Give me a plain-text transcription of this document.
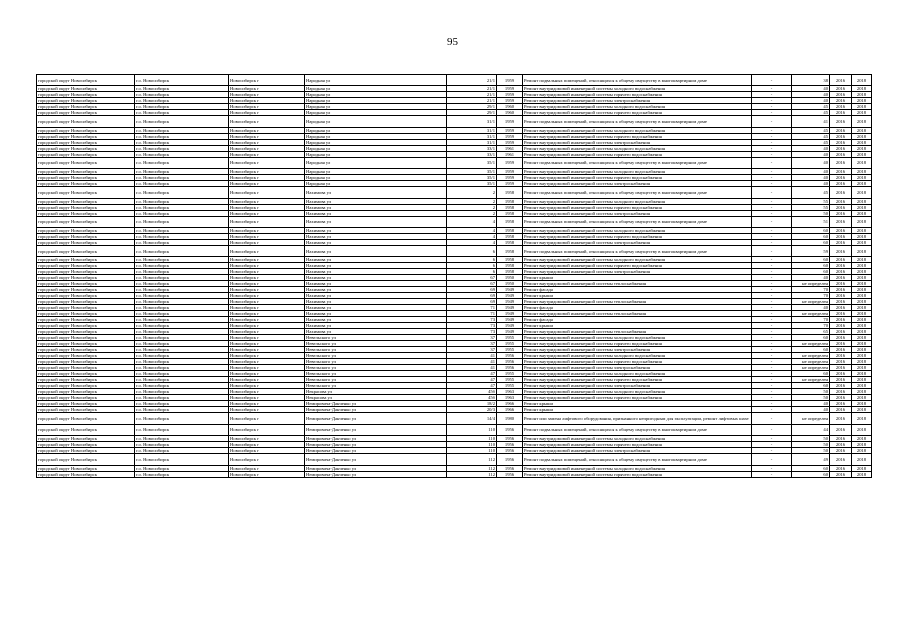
95
городской округ Новосибирск	г.о. Новосибирск	Новосибирск г	Народная ул	21/1	1959	Ремонт подвальных помещений, относящихся к общему имуществу в многоквартирном доме	-	38	2016	2018
городской округ Новосибирск	г.о. Новосибирск	Новосибирск г	Народная ул	21/1	1959	Ремонт внутридомовой инженерной системы холодного водоснабжения	-	40	2016	2018
городской округ Новосибирск	г.о. Новосибирск	Новосибирск г	Народная ул	21/1	1959	Ремонт внутридомовой инженерной системы горячего водоснабжения	-	40	2016	2018
городской округ Новосибирск	г.о. Новосибирск	Новосибирск г	Народная ул	21/1	1959	Ремонт внутридомовой инженерной системы электроснабжения	-	40	2016	2018
городской округ Новосибирск	г.о. Новосибирск	Новосибирск г	Народная ул	29/1	1960	Ремонт внутридомовой инженерной системы холодного водоснабжения	-	45	2016	2018
городской округ Новосибирск	г.о. Новосибирск	Новосибирск г	Народная ул	29/1	1960	Ремонт внутридомовой инженерной системы горячего водоснабжения	-	45	2016	2018
городской округ Новосибирск	г.о. Новосибирск	Новосибирск г	Народная ул	31/1	1959	Ремонт подвальных помещений, относящихся к общему имуществу в многоквартирном доме	-	41	2016	2018
городской округ Новосибирск	г.о. Новосибирск	Новосибирск г	Народная ул	31/1	1959	Ремонт внутридомовой инженерной системы холодного водоснабжения	-	45	2016	2018
городской округ Новосибирск	г.о. Новосибирск	Новосибирск г	Народная ул	31/1	1959	Ремонт внутридомовой инженерной системы горячего водоснабжения	-	45	2016	2018
городской округ Новосибирск	г.о. Новосибирск	Новосибирск г	Народная ул	31/1	1959	Ремонт внутридомовой инженерной системы электроснабжения	-	45	2016	2018
городской округ Новосибирск	г.о. Новосибирск	Новосибирск г	Народная ул	33/1	1961	Ремонт внутридомовой инженерной системы холодного водоснабжения	-	40	2016	2018
городской округ Новосибирск	г.о. Новосибирск	Новосибирск г	Народная ул	33/1	1961	Ремонт внутридомовой инженерной системы горячего водоснабжения	-	40	2016	2018
городской округ Новосибирск	г.о. Новосибирск	Новосибирск г	Народная ул	35/1	1959	Ремонт подвальных помещений, относящихся к общему имуществу в многоквартирном доме	-	40	2016	2018
городской округ Новосибирск	г.о. Новосибирск	Новосибирск г	Народная ул	35/1	1959	Ремонт внутридомовой инженерной системы холодного водоснабжения	-	40	2016	2018
городской округ Новосибирск	г.о. Новосибирск	Новосибирск г	Народная ул	35/1	1959	Ремонт внутридомовой инженерной системы горячего водоснабжения	-	40	2016	2018
городской округ Новосибирск	г.о. Новосибирск	Новосибирск г	Народная ул	35/1	1959	Ремонт внутридомовой инженерной системы электроснабжения	-	40	2016	2018
городской округ Новосибирск	г.о. Новосибирск	Новосибирск г	Нахимова ул	2	1958	Ремонт подвальных помещений, относящихся к общему имуществу в многоквартирном доме	-	45	2016	2018
городской округ Новосибирск	г.о. Новосибирск	Новосибирск г	Нахимова ул	2	1958	Ремонт внутридомовой инженерной системы холодного водоснабжения	-	55	2016	2018
городской округ Новосибирск	г.о. Новосибирск	Новосибирск г	Нахимова ул	2	1958	Ремонт внутридомовой инженерной системы горячего водоснабжения	-	55	2016	2018
городской округ Новосибирск	г.о. Новосибирск	Новосибирск г	Нахимова ул	2	1958	Ремонт внутридомовой инженерной системы электроснабжения	-	50	2016	2018
городской округ Новосибирск	г.о. Новосибирск	Новосибирск г	Нахимова ул	4	1958	Ремонт подвальных помещений, относящихся к общему имуществу в многоквартирном доме	-	51	2016	2018
городской округ Новосибирск	г.о. Новосибирск	Новосибирск г	Нахимова ул	4	1958	Ремонт внутридомовой инженерной системы холодного водоснабжения	-	60	2016	2018
городской округ Новосибирск	г.о. Новосибирск	Новосибирск г	Нахимова ул	4	1958	Ремонт внутридомовой инженерной системы горячего водоснабжения	-	60	2016	2018
городской округ Новосибирск	г.о. Новосибирск	Новосибирск г	Нахимова ул	4	1958	Ремонт внутридомовой инженерной системы электроснабжения	-	60	2016	2018
городской округ Новосибирск	г.о. Новосибирск	Новосибирск г	Нахимова ул	6	1958	Ремонт подвальных помещений, относящихся к общему имуществу в многоквартирном доме	-	59	2016	2018
городской округ Новосибирск	г.о. Новосибирск	Новосибирск г	Нахимова ул	6	1958	Ремонт внутридомовой инженерной системы холодного водоснабжения	-	60	2016	2018
городской округ Новосибирск	г.о. Новосибирск	Новосибирск г	Нахимова ул	6	1958	Ремонт внутридомовой инженерной системы горячего водоснабжения	-	60	2016	2018
городской округ Новосибирск	г.о. Новосибирск	Новосибирск г	Нахимова ул	6	1958	Ремонт внутридомовой инженерной системы электроснабжения	-	60	2016	2018
городской округ Новосибирск	г.о. Новосибирск	Новосибирск г	Нахимова ул	67	1950	Ремонт крыши	-	40	2016	2018
городской округ Новосибирск	г.о. Новосибирск	Новосибирск г	Нахимова ул	67	1950	Ремонт внутридомовой инженерной системы теплоснабжения	-	не определен	2016	2018
городской округ Новосибирск	г.о. Новосибирск	Новосибирск г	Нахимова ул	69	1949	Ремонт фасада	-	70	2016	2018
городской округ Новосибирск	г.о. Новосибирск	Новосибирск г	Нахимова ул	69	1949	Ремонт крыши	-	70	2016	2018
городской округ Новосибирск	г.о. Новосибирск	Новосибирск г	Нахимова ул	69	1949	Ремонт внутридомовой инженерной системы теплоснабжения	-	не определен	2016	2018
городской округ Новосибирск	г.о. Новосибирск	Новосибирск г	Нахимова ул	71	1949	Ремонт фасада	-	40	2016	2018
городской округ Новосибирск	г.о. Новосибирск	Новосибирск г	Нахимова ул	71	1949	Ремонт внутридомовой инженерной системы теплоснабжения	-	не определен	2016	2018
городской округ Новосибирск	г.о. Новосибирск	Новосибирск г	Нахимова ул	73	1949	Ремонт фасада	-	70	2016	2018
городской округ Новосибирск	г.о. Новосибирск	Новосибирск г	Нахимова ул	73	1949	Ремонт крыши	-	70	2016	2018
городской округ Новосибирск	г.о. Новосибирск	Новосибирск г	Нахимова ул	73	1949	Ремонт внутридомовой инженерной системы теплоснабжения	-	65	2016	2018
городской округ Новосибирск	г.о. Новосибирск	Новосибирск г	Невельского ул	37	1955	Ремонт внутридомовой инженерной системы холодного водоснабжения	-	60	2016	2018
городской округ Новосибирск	г.о. Новосибирск	Новосибирск г	Невельского ул	37	1955	Ремонт внутридомовой инженерной системы горячего водоснабжения	-	не определен	2016	2018
городской округ Новосибирск	г.о. Новосибирск	Новосибирск г	Невельского ул	37	1955	Ремонт внутридомовой инженерной системы электроснабжения	-	60	2016	2018
городской округ Новосибирск	г.о. Новосибирск	Новосибирск г	Невельского ул	41	1956	Ремонт внутридомовой инженерной системы холодного водоснабжения	-	не определен	2016	2018
городской округ Новосибирск	г.о. Новосибирск	Новосибирск г	Невельского ул	41	1956	Ремонт внутридомовой инженерной системы горячего водоснабжения	-	не определен	2016	2018
городской округ Новосибирск	г.о. Новосибирск	Новосибирск г	Невельского ул	41	1956	Ремонт внутридомовой инженерной системы электроснабжения	-	не определен	2016	2018
городской округ Новосибирск	г.о. Новосибирск	Новосибирск г	Невельского ул	47	1955	Ремонт внутридомовой инженерной системы холодного водоснабжения	-	60	2016	2018
городской округ Новосибирск	г.о. Новосибирск	Новосибирск г	Невельского ул	47	1955	Ремонт внутридомовой инженерной системы горячего водоснабжения	-	не определен	2016	2018
городской округ Новосибирск	г.о. Новосибирск	Новосибирск г	Невельского ул	47	1955	Ремонт внутридомовой инженерной системы электроснабжения	-	60	2016	2018
городской округ Новосибирск	г.о. Новосибирск	Новосибирск г	Некрасова ул	45б	1963	Ремонт внутридомовой инженерной системы холодного водоснабжения	-	50	2016	2018
городской округ Новосибирск	г.о. Новосибирск	Новосибирск г	Некрасова ул	45б	1963	Ремонт внутридомовой инженерной системы горячего водоснабжения	-	50	2016	2018
городской округ Новосибирск	г.о. Новосибирск	Новосибирск г	Немировича-Данченко ул	18/2	1966	Ремонт крыши	-	40	2016	2018
городской округ Новосибирск	г.о. Новосибирск	Новосибирск г	Немировича-Данченко ул	20/3	1966	Ремонт крыши	-	40	2016	2018
городской округ Новосибирск	г.о. Новосибирск	Новосибирск г	Немировича-Данченко ул	14/4	1980	Ремонт или замена лифтового оборудования, признанного непригодным для эксплуатации, ремонт лифтовых шахт	-	не определен	2016	2018
городской округ Новосибирск	г.о. Новосибирск	Новосибирск г	Немировича-Данченко ул	110	1956	Ремонт подвальных помещений, относящихся к общему имуществу в многоквартирном доме	-	44	2016	2018
городской округ Новосибирск	г.о. Новосибирск	Новосибирск г	Немировича-Данченко ул	110	1956	Ремонт внутридомовой инженерной системы холодного водоснабжения	-	50	2016	2018
городской округ Новосибирск	г.о. Новосибирск	Новосибирск г	Немировича-Данченко ул	110	1956	Ремонт внутридомовой инженерной системы горячего водоснабжения	-	50	2016	2018
городской округ Новосибирск	г.о. Новосибирск	Новосибирск г	Немировича-Данченко ул	110	1956	Ремонт внутридомовой инженерной системы электроснабжения	-	50	2016	2018
городской округ Новосибирск	г.о. Новосибирск	Новосибирск г	Немировича-Данченко ул	112	1956	Ремонт подвальных помещений, относящихся к общему имуществу в многоквартирном доме	-	49	2016	2018
городской округ Новосибирск	г.о. Новосибирск	Новосибирск г	Немировича-Данченко ул	112	1956	Ремонт внутридомовой инженерной системы холодного водоснабжения	-	60	2016	2018
городской округ Новосибирск	г.о. Новосибирск	Новосибирск г	Немировича-Данченко ул	112	1956	Ремонт внутридомовой инженерной системы горячего водоснабжения	-	60	2016	2018
